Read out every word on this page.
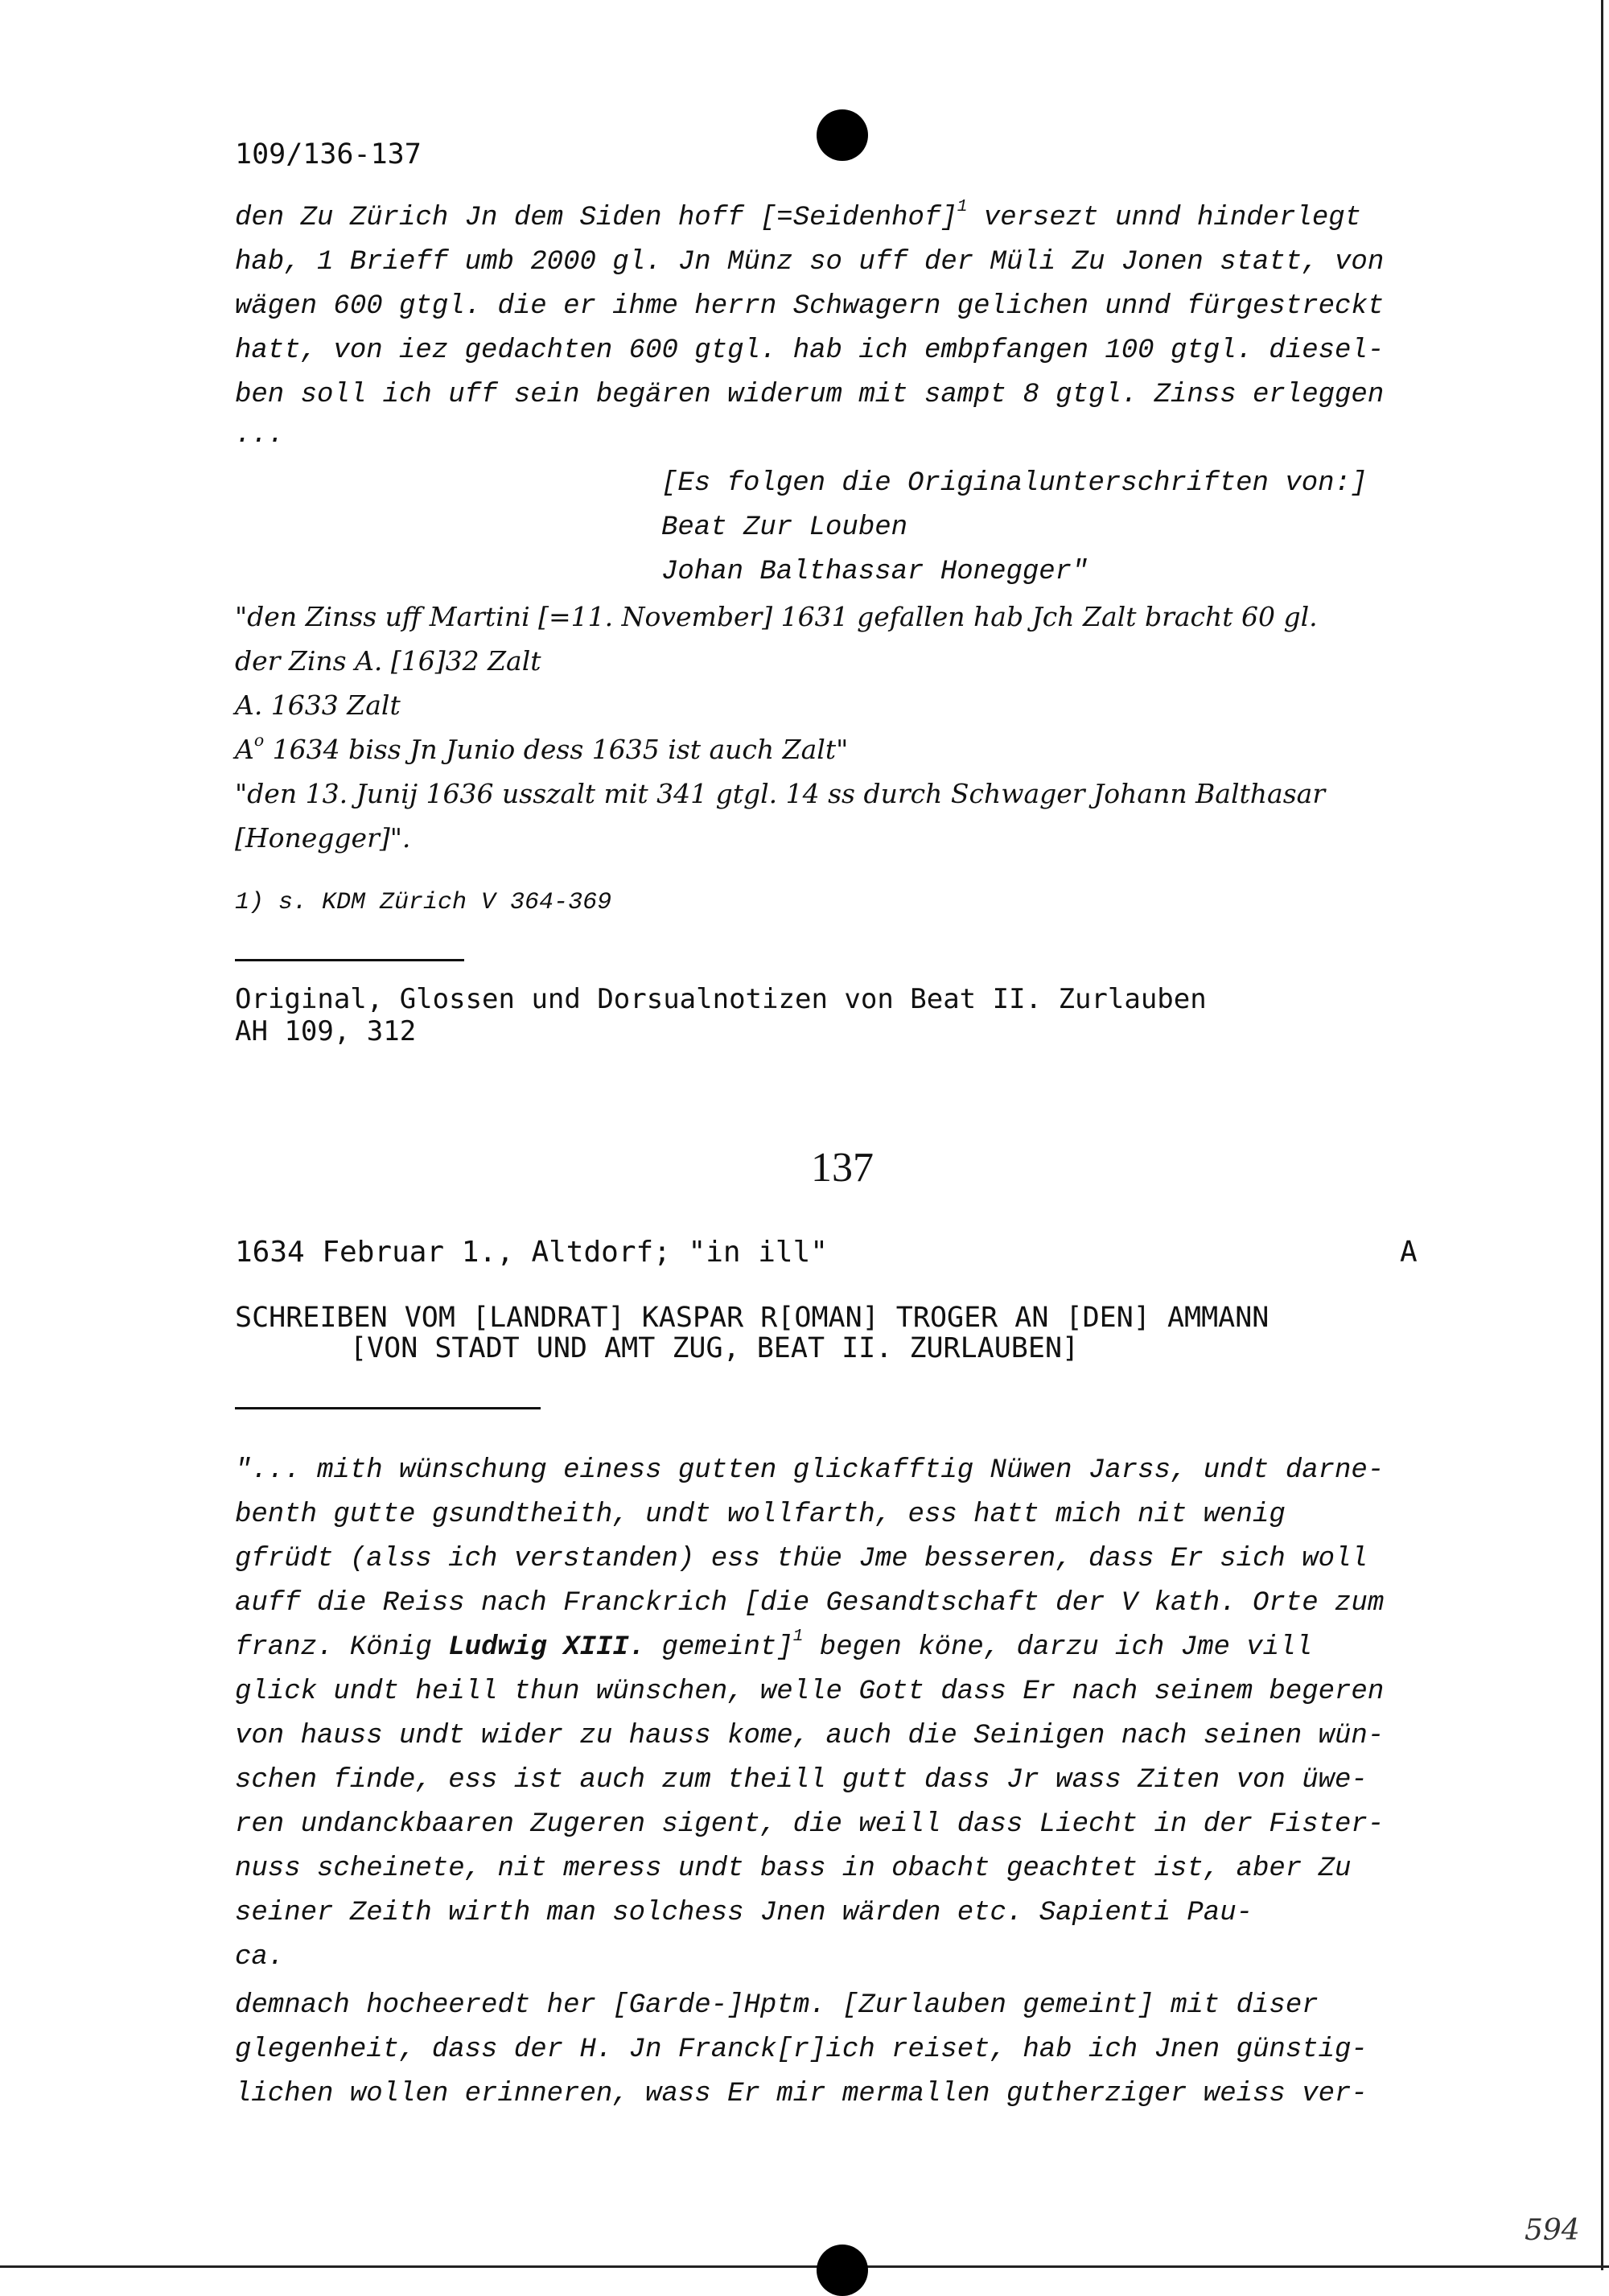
109/136-137
den Zu Zürich Jn dem Siden hoff [=Seidenhof]$^1$ versezt unnd hinderlegt
hab, 1 Brieff umb 2000 gl. Jn Münz so uff der Müli Zu Jonen statt, von
wägen 600 gtgl. die er ihme herrn Schwagern gelichen unnd fürgestreckt
hatt, von iez gedachten 600 gtgl. hab ich embpfangen 100 gtgl. diesel-
ben soll ich uff sein begären widerum mit sampt 8 gtgl. Zinss erleggen
...
[Es folgen die Originalunterschriften von:]
Beat Zur Louben
Johan Balthassar Honegger"
"den Zinss uff Martini [=11. November] 1631 gefallen hab Jch Zalt bracht 60 gl.
der Zins A. [16]32 Zalt
A. 1633 Zalt
$A^o$ 1634 biss Jn Junio dess 1635 ist auch Zalt"
"den 13. Junij 1636 usszalt mit 341 gtgl. 14 ss durch Schwager Johann Balthasar
[Honegger]".
1) s. KDM Zürich V 364-369
Original, Glossen und Dorsualnotizen von Beat II. Zurlauben
AH 109, 312
137
1634 Februar 1., Altdorf; "in ill"	A
SCHREIBEN VOM [LANDRAT] KASPAR R[OMAN] TROGER AN [DEN] AMMANN
[VON STADT UND AMT ZUG, BEAT II. ZURLAUBEN]
"... mith wünschung einess gutten glickafftig Nüwen Jarss, undt darne-
benth gutte gsundtheith, undt wollfarth, ess hatt mich nit wenig
gfrüdt (alss ich verstanden) ess thüe Jme besseren, dass Er sich woll
auff die Reiss nach Franckrich [die Gesandtschaft der V kath. Orte zum
franz. König Ludwig XIII. gemeint]$^1$ begen köne, darzu ich Jme vill
glick undt heill thun wünschen, welle Gott dass Er nach seinem begeren
von hauss undt wider zu hauss kome, auch die Seinigen nach seinen wün-
schen finde, ess ist auch zum theill gutt dass Jr wass Ziten von üwe-
ren undanckbaaren Zugeren sigent, die weill dass Liecht in der Fister-
nuss scheinete, nit meress undt bass in obacht geachtet ist, aber Zu
seiner Zeith wirth man solchess Jnen wärden etc. Sapienti Pau-
ca.
demnach hocheeredt her [Garde-]Hptm. [Zurlauben gemeint] mit diser
glegenheit, dass der H. Jn Franck[r]ich reiset, hab ich Jnen günstig-
lichen wollen erinneren, wass Er mir mermallen gutherziger weiss ver-
594
